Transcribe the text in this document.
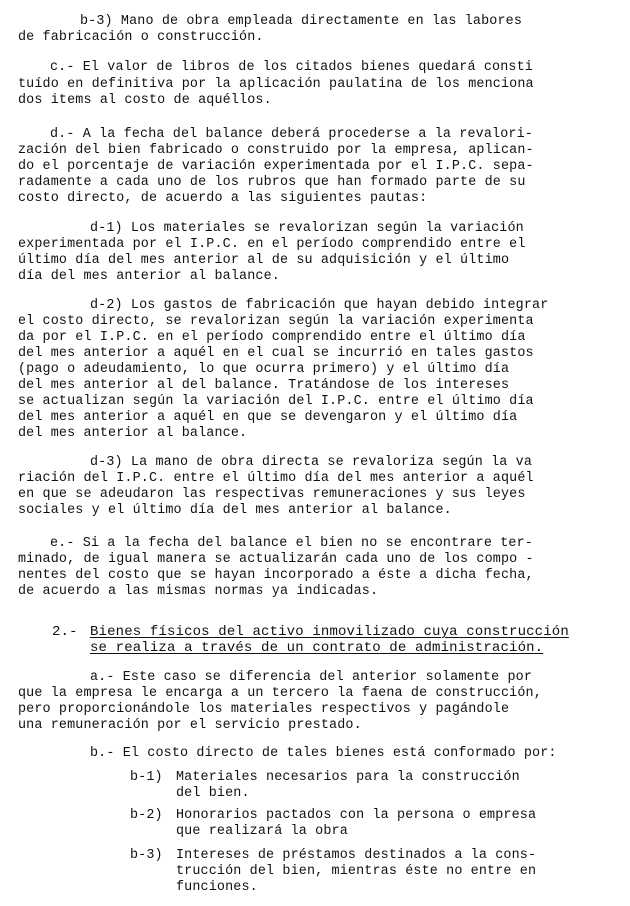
b-3) Mano de obra empleada directamente en las labores
de fabricación o construcción.
c.- El valor de libros de los citados bienes quedará consti
tuído en definitiva por la aplicación paulatina de los menciona
dos items al costo de aquéllos.
d.- A la fecha del balance deberá procederse a la revalori-
zación del bien fabricado o construido por la empresa, aplican-
do el porcentaje de variación experimentada por el I.P.C. sepa-
radamente a cada uno de los rubros que han formado parte de su
costo directo, de acuerdo a las siguientes pautas:
d-1) Los materiales se revalorizan según la variación
experimentada por el I.P.C. en el período comprendido entre el
último día del mes anterior al de su adquisición y el último
día del mes anterior al balance.
d-2) Los gastos de fabricación que hayan debido integrar
el costo directo, se revalorizan según la variación experimenta
da por el I.P.C. en el período comprendido entre el último día
del mes anterior a aquél en el cual se incurrió en tales gastos
(pago o adeudamiento, lo que ocurra primero) y el último día
del mes anterior al del balance. Tratándose de los intereses
se actualizan según la variación del I.P.C. entre el último día
del mes anterior a aquél en que se devengaron y el último día
del mes anterior al balance.
d-3) La mano de obra directa se revaloriza según la va
riación del I.P.C. entre el último día del mes anterior a aquél
en que se adeudaron las respectivas remuneraciones y sus leyes
sociales y el último día del mes anterior al balance.
e.- Si a la fecha del balance el bien no se encontrare ter-
minado, de igual manera se actualizarán cada uno de los compo -
nentes del costo que se hayan incorporado a éste a dicha fecha,
de acuerdo a las mismas normas ya indicadas.
2.- Bienes físicos del activo inmovilizado cuya construcción
se realiza a través de un contrato de administración.
a.- Este caso se diferencia del anterior solamente por
que la empresa le encarga a un tercero la faena de construcción,
pero proporcionándole los materiales respectivos y pagándole
una remuneración por el servicio prestado.
b.- El costo directo de tales bienes está conformado por:
b-1) Materiales necesarios para la construcción
del bien.
b-2) Honorarios pactados con la persona o empresa
que realizará la obra
b-3) Intereses de préstamos destinados a la cons-
trucción del bien, mientras éste no entre en
funciones.
